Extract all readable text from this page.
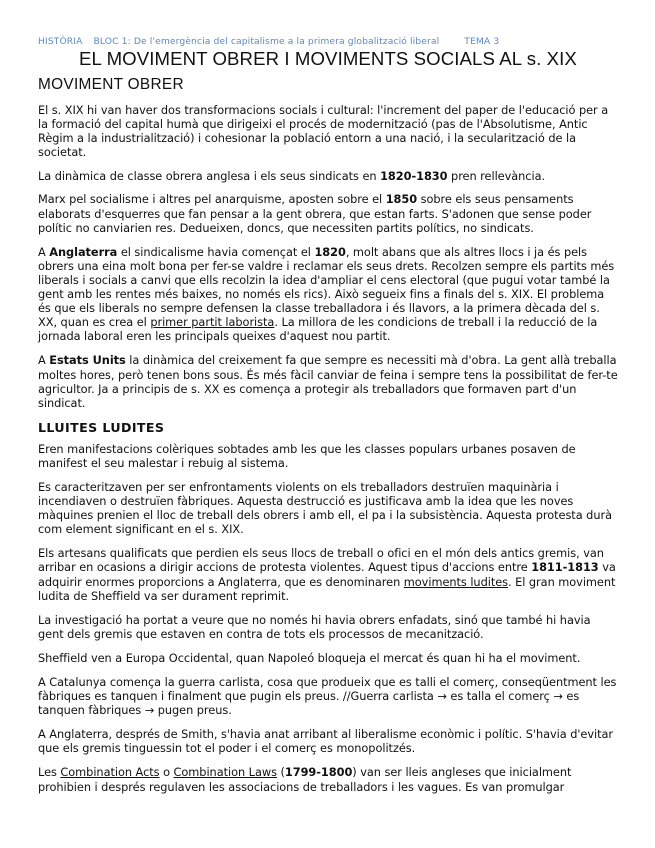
HISTÒRIA BLOC 1: De l'emergència del capitalisme a la primera globalització liberal	TEMA 3
EL MOVIMENT OBRER I MOVIMENTS SOCIALS AL s. XIX
MOVIMENT OBRER

El s. XIX hi van haver dos transformacions socials i cultural: l'increment del paper de l'educació per a la formació del capital humà que dirigeixi el procés de modernització (pas de l'Absolutisme, Antic Règim a la industrialització) i cohesionar la població entorn a una nació, i la secularització de la societat.

La dinàmica de classe obrera anglesa i els seus sindicats en 1820-1830 pren rellevància.

Marx pel socialisme i altres pel anarquisme, aposten sobre el 1850 sobre els seus pensaments elaborats d'esquerres que fan pensar a la gent obrera, que estan farts. S'adonen que sense poder polític no canviarien res. Dedueixen, doncs, que necessiten partits polítics, no sindicats.

A Anglaterra el sindicalisme havia començat el 1820, molt abans que als altres llocs i ja és pels obrers una eina molt bona per fer-se valdre i reclamar els seus drets. Recolzen sempre els partits més liberals i socials a canvi que ells recolzin la idea d'ampliar el cens electoral (que pugui votar també la gent amb les rentes més baixes, no només els rics). Això segueix fins a finals del s. XIX. El problema és que els liberals no sempre defensen la classe treballadora i és llavors, a la primera dècada del s. XX, quan es crea el primer partit laborista. La millora de les condicions de treball i la reducció de la jornada laboral eren les principals queixes d'aquest nou partit.

A Estats Units la dinàmica del creixement fa que sempre es necessiti mà d'obra. La gent allà treballa moltes hores, però tenen bons sous. És més fàcil canviar de feina i sempre tens la possibilitat de fer-te agricultor. Ja a principis de s. XX es comença a protegir als treballadors que formaven part d'un sindicat.

LLUITES LUDITES

Eren manifestacions colèriques sobtades amb les que les classes populars urbanes posaven de manifest el seu malestar i rebuig al sistema.

Es caracteritzaven per ser enfrontaments violents on els treballadors destruïen maquinària i incendiaven o destruïen fàbriques. Aquesta destrucció es justificava amb la idea que les noves màquines prenien el lloc de treball dels obrers i amb ell, el pa i la subsistència. Aquesta protesta durà com element significant en el s. XIX.

Els artesans qualificats que perdien els seus llocs de treball o ofici en el món dels antics gremis, van arribar en ocasions a dirigir accions de protesta violentes. Aquest tipus d'accions entre 1811-1813 va adquirir enormes proporcions a Anglaterra, que es denominaren moviments ludites. El gran moviment ludita de Sheffield va ser durament reprimit.

La investigació ha portat a veure que no només hi havia obrers enfadats, sinó que també hi havia gent dels gremis que estaven en contra de tots els processos de mecanització.

Sheffield ven a Europa Occidental, quan Napoleó bloqueja el mercat és quan hi ha el moviment.

A Catalunya comença la guerra carlista, cosa que produeix que es talli el comerç, conseqüentment les fàbriques es tanquen i finalment que pugin els preus. //Guerra carlista → es talla el comerç → es tanquen fàbriques → pugen preus.

A Anglaterra, després de Smith, s'havia anat arribant al liberalisme econòmic i polític. S'havia d'evitar que els gremis tinguessin tot el poder i el comerç es monopolitzés.

Les Combination Acts o Combination Laws (1799-1800) van ser lleis angleses que inicialment prohibien i després regulaven les associacions de treballadors i les vagues. Es van promulgar
